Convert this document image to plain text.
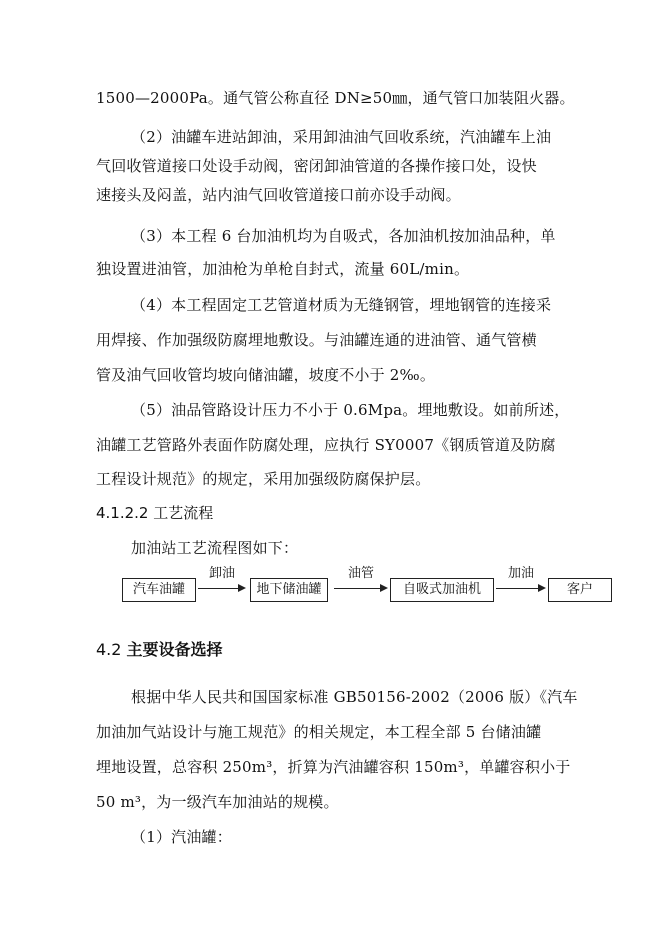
1500—2000Pa。通气管公称直径 DN≥50㎜，通气管口加装阻火器。
（2）油罐车进站卸油，采用卸油油气回收系统，汽油罐车上油
气回收管道接口处设手动阀，密闭卸油管道的各操作接口处，设快
速接头及闷盖，站内油气回收管道接口前亦设手动阀。
（3）本工程 6 台加油机均为自吸式，各加油机按加油品种，单
独设置进油管，加油枪为单枪自封式，流量 60L/min。
（4）本工程固定工艺管道材质为无缝钢管，埋地钢管的连接采
用焊接、作加强级防腐埋地敷设。与油罐连通的进油管、通气管横
管及油气回收管均坡向储油罐，坡度不小于 2‰。
（5）油品管路设计压力不小于 0.6Mpa。埋地敷设。如前所述，
油罐工艺管路外表面作防腐处理，应执行 SY0007《钢质管道及防腐
工程设计规范》的规定，采用加强级防腐保护层。
4.1.2.2 工艺流程
加油站工艺流程图如下：
汽车油罐
卸油
地下储油罐
油管
自吸式加油机
加油
客户
4.2 主要设备选择
根据中华人民共和国国家标准 GB50156-2002（2006 版）《汽车
加油加气站设计与施工规范》的相关规定，本工程全部 5 台储油罐
埋地设置，总容积 250m³，折算为汽油罐容积 150m³，单罐容积小于
50 m³，为一级汽车加油站的规模。
（1）汽油罐：
